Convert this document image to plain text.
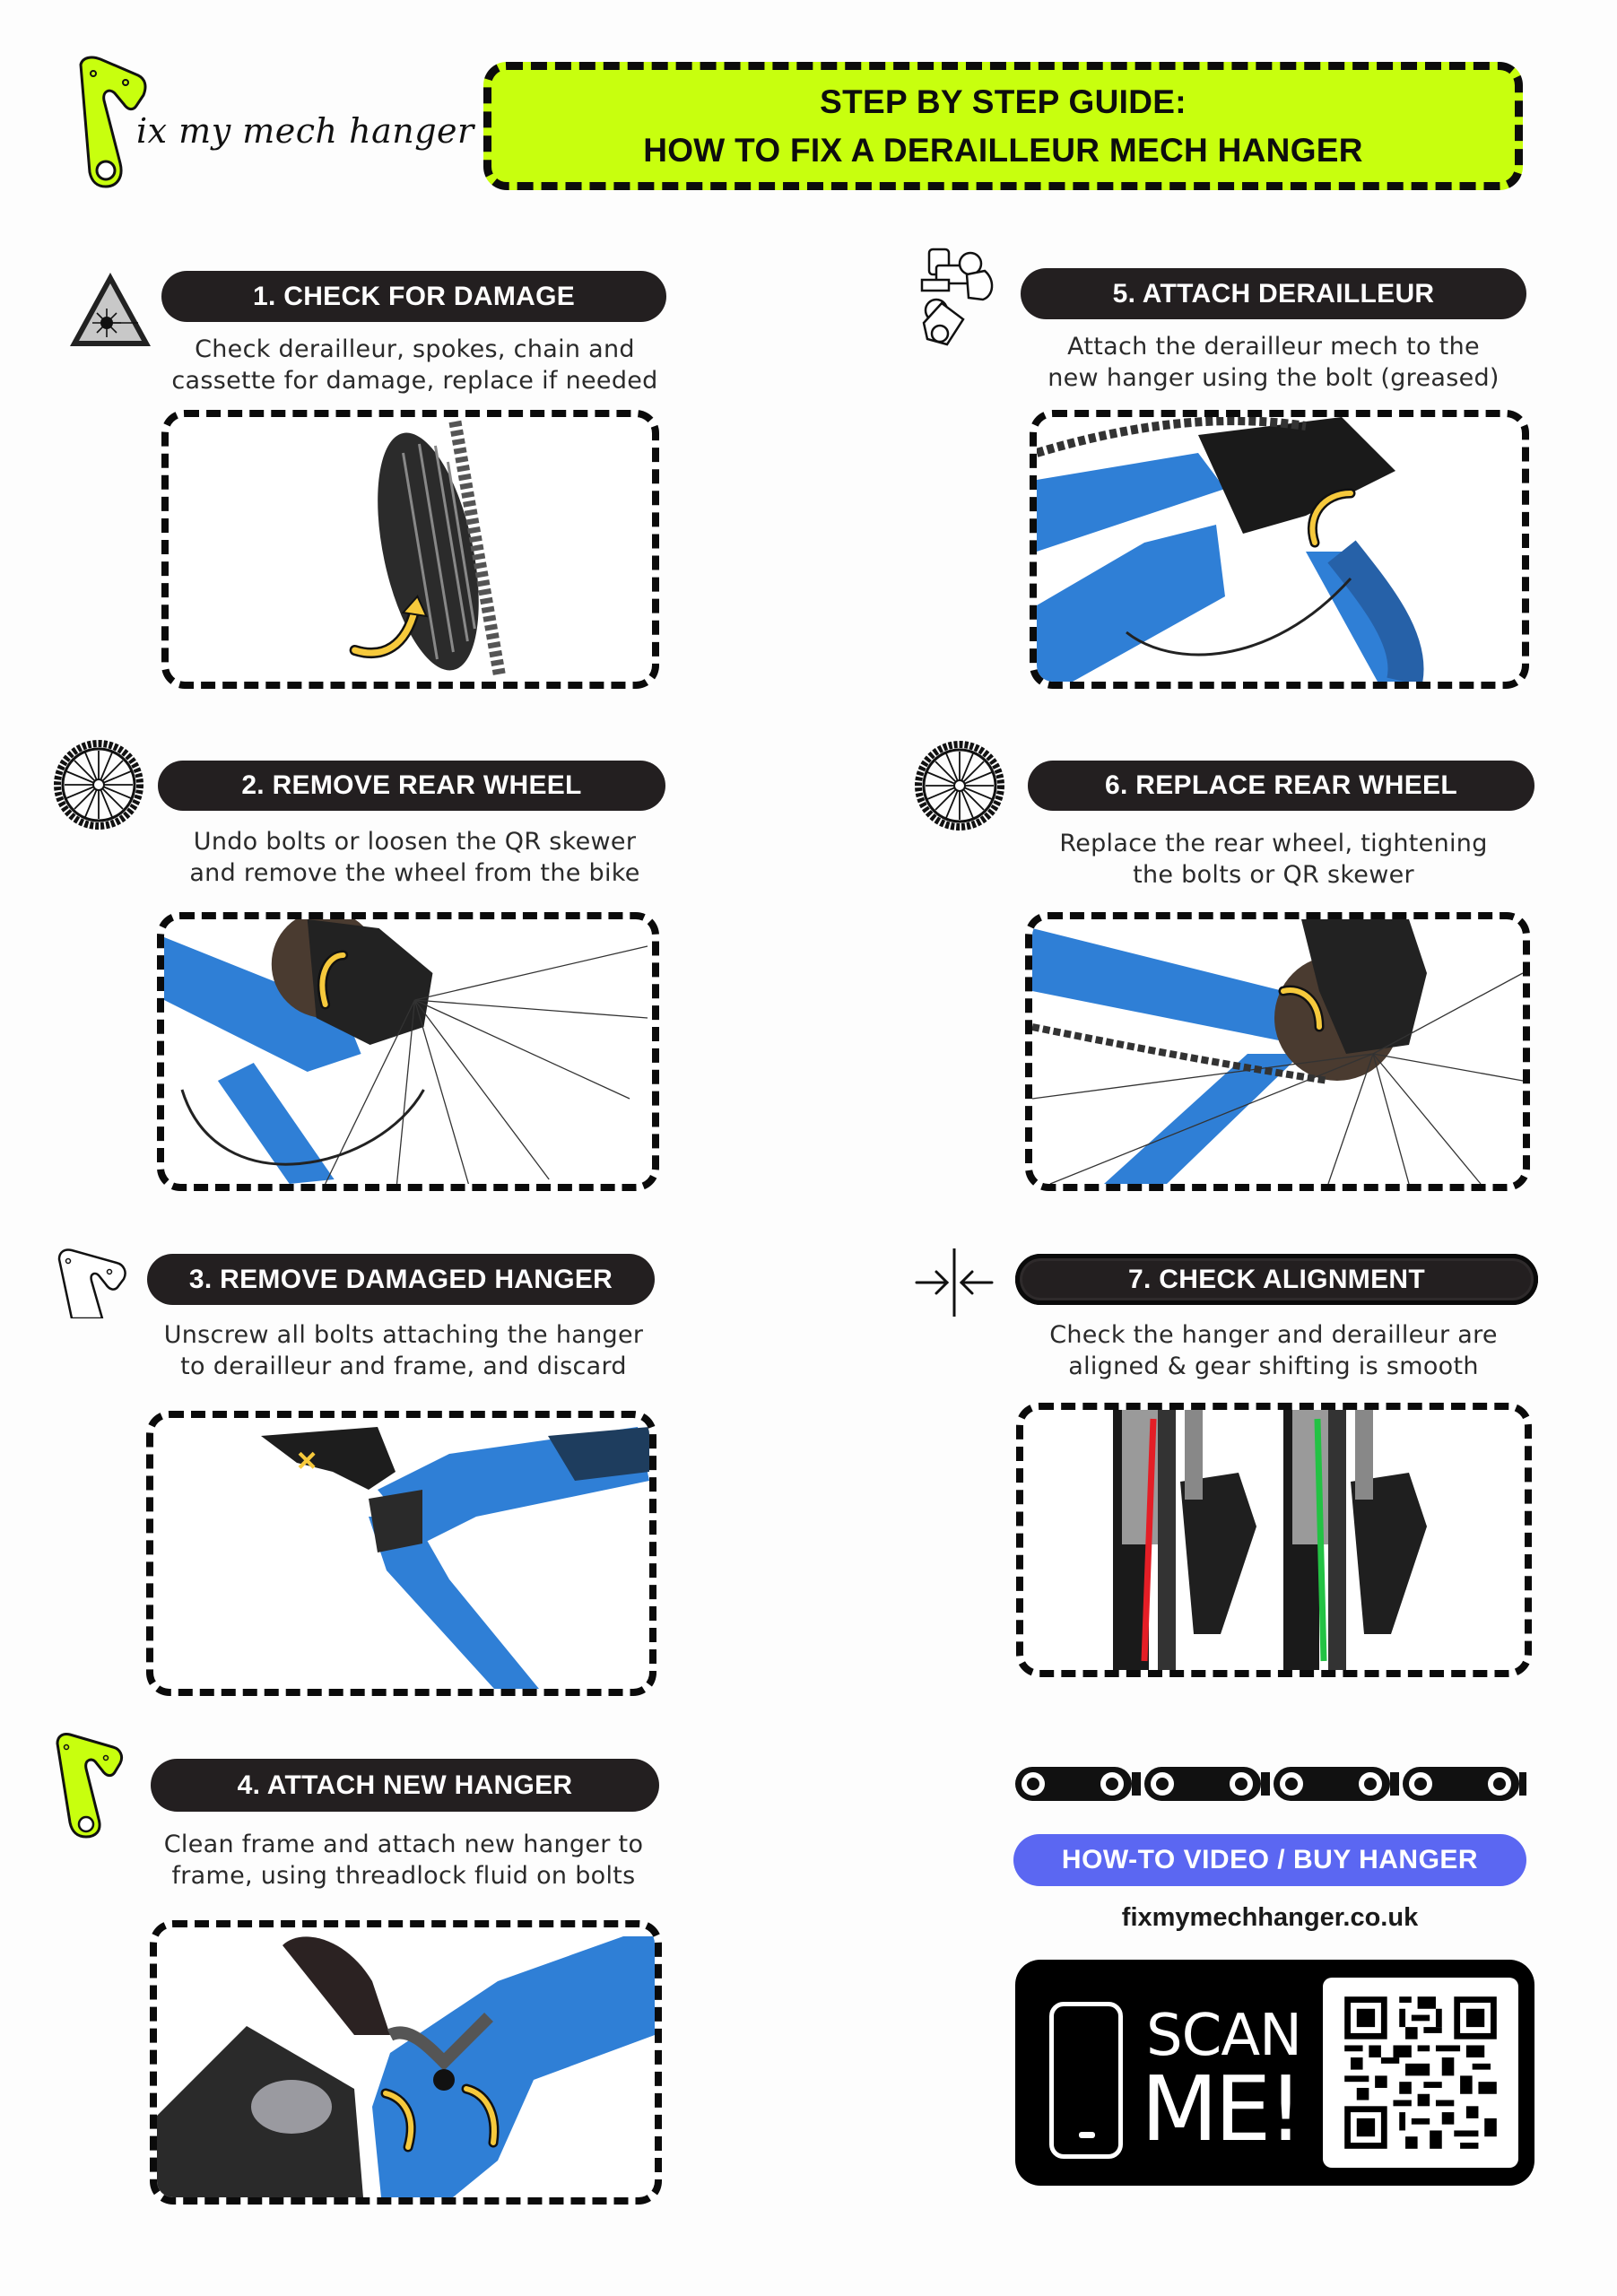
ix my mech hanger
STEP BY STEP GUIDE:
HOW TO FIX A DERAILLEUR MECH HANGER
1. CHECK FOR DAMAGE
Check derailleur, spokes, chain and
cassette for damage, replace if needed
2. REMOVE REAR WHEEL
Undo bolts or loosen the QR skewer
and remove the wheel from the bike
3. REMOVE DAMAGED HANGER
Unscrew all bolts attaching the hanger
to derailleur and frame, and discard
×
4. ATTACH NEW HANGER
Clean frame and attach new hanger to
frame, using threadlock fluid on bolts
5. ATTACH DERAILLEUR
Attach the derailleur mech to the
new hanger using the bolt (greased)
6. REPLACE REAR WHEEL
Replace the rear wheel, tightening
the bolts or QR skewer
7. CHECK ALIGNMENT
Check the hanger and derailleur are
aligned & gear shifting is smooth
HOW-TO VIDEO / BUY HANGER
fixmymechhanger.co.uk
SCAN
ME!
